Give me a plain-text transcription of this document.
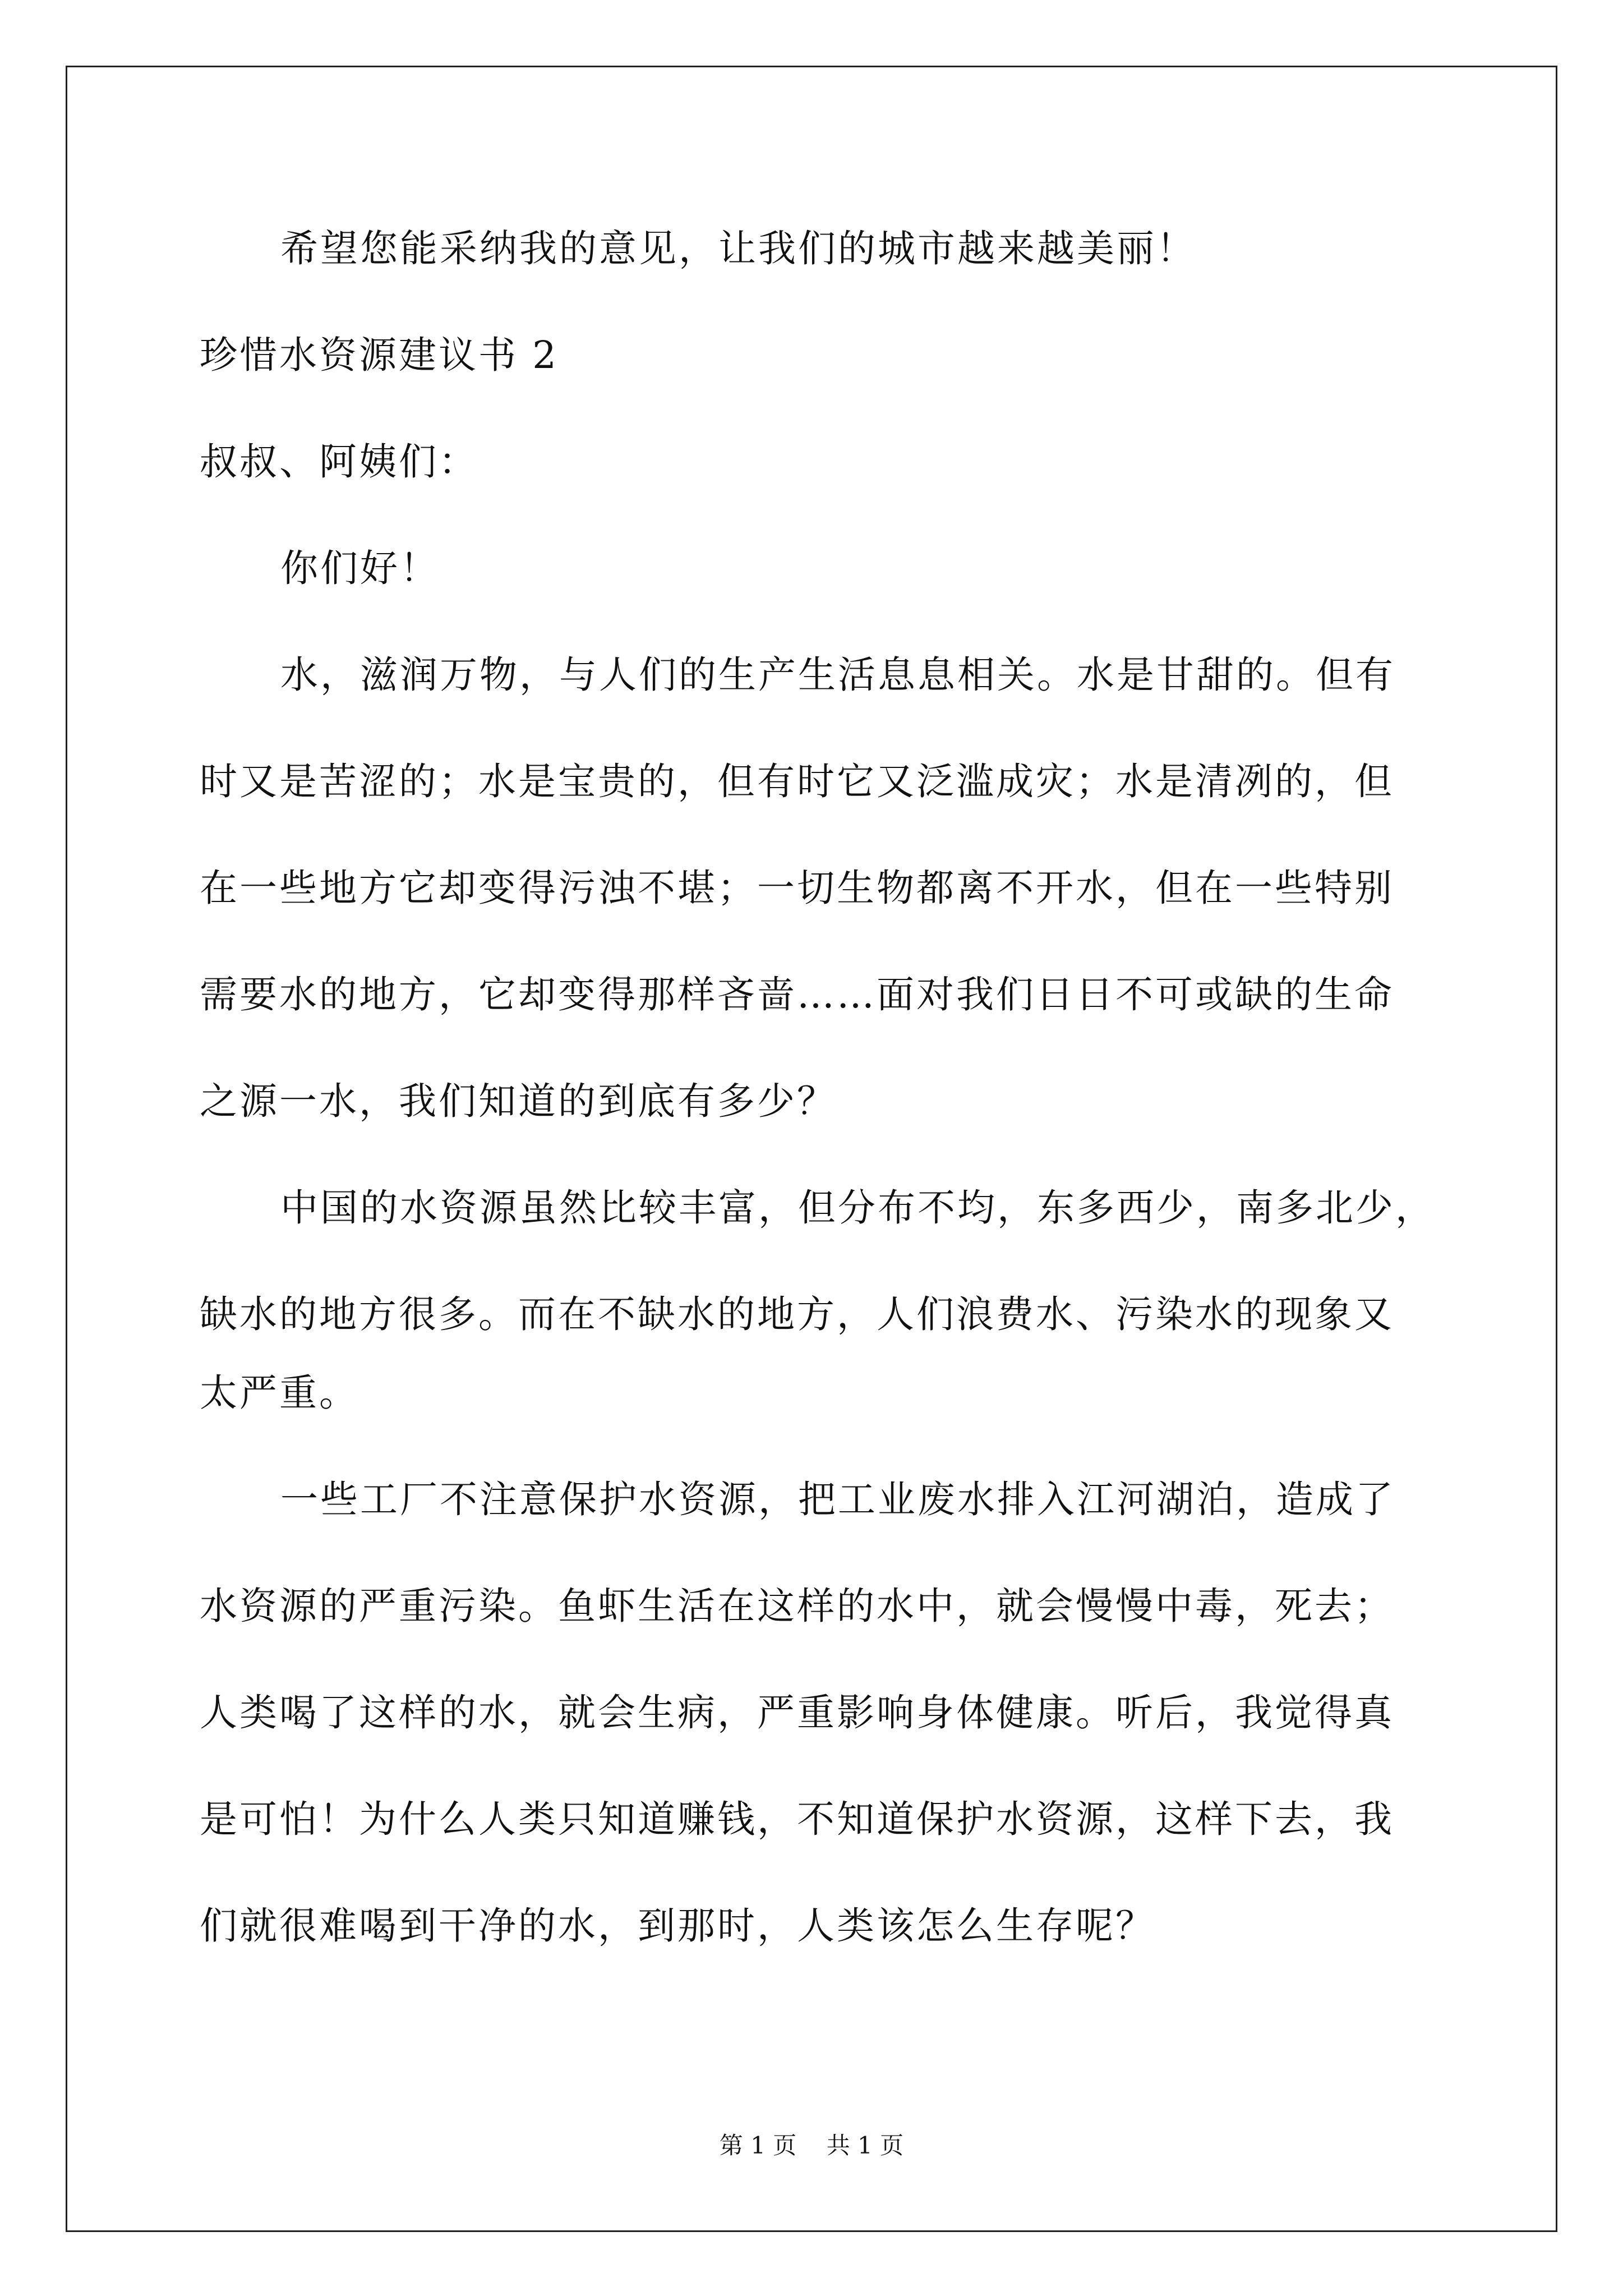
希望您能采纳我的意见，让我们的城市越来越美丽！
珍惜水资源建议书 2
叔叔、阿姨们：
你们好！
水，滋润万物，与人们的生产生活息息相关。水是甘甜的。但有
时又是苦涩的；水是宝贵的，但有时它又泛滥成灾；水是清冽的，但
在一些地方它却变得污浊不堪；一切生物都离不开水，但在一些特别
需要水的地方，它却变得那样吝啬……面对我们日日不可或缺的生命
之源一水，我们知道的到底有多少？
中国的水资源虽然比较丰富，但分布不均，东多西少，南多北少，
缺水的地方很多。而在不缺水的地方，人们浪费水、污染水的现象又
太严重。
一些工厂不注意保护水资源，把工业废水排入江河湖泊，造成了
水资源的严重污染。鱼虾生活在这样的水中，就会慢慢中毒，死去；
人类喝了这样的水，就会生病，严重影响身体健康。听后，我觉得真
是可怕！为什么人类只知道赚钱，不知道保护水资源，这样下去，我
们就很难喝到干净的水，到那时，人类该怎么生存呢？
第 1 页    共 1 页
